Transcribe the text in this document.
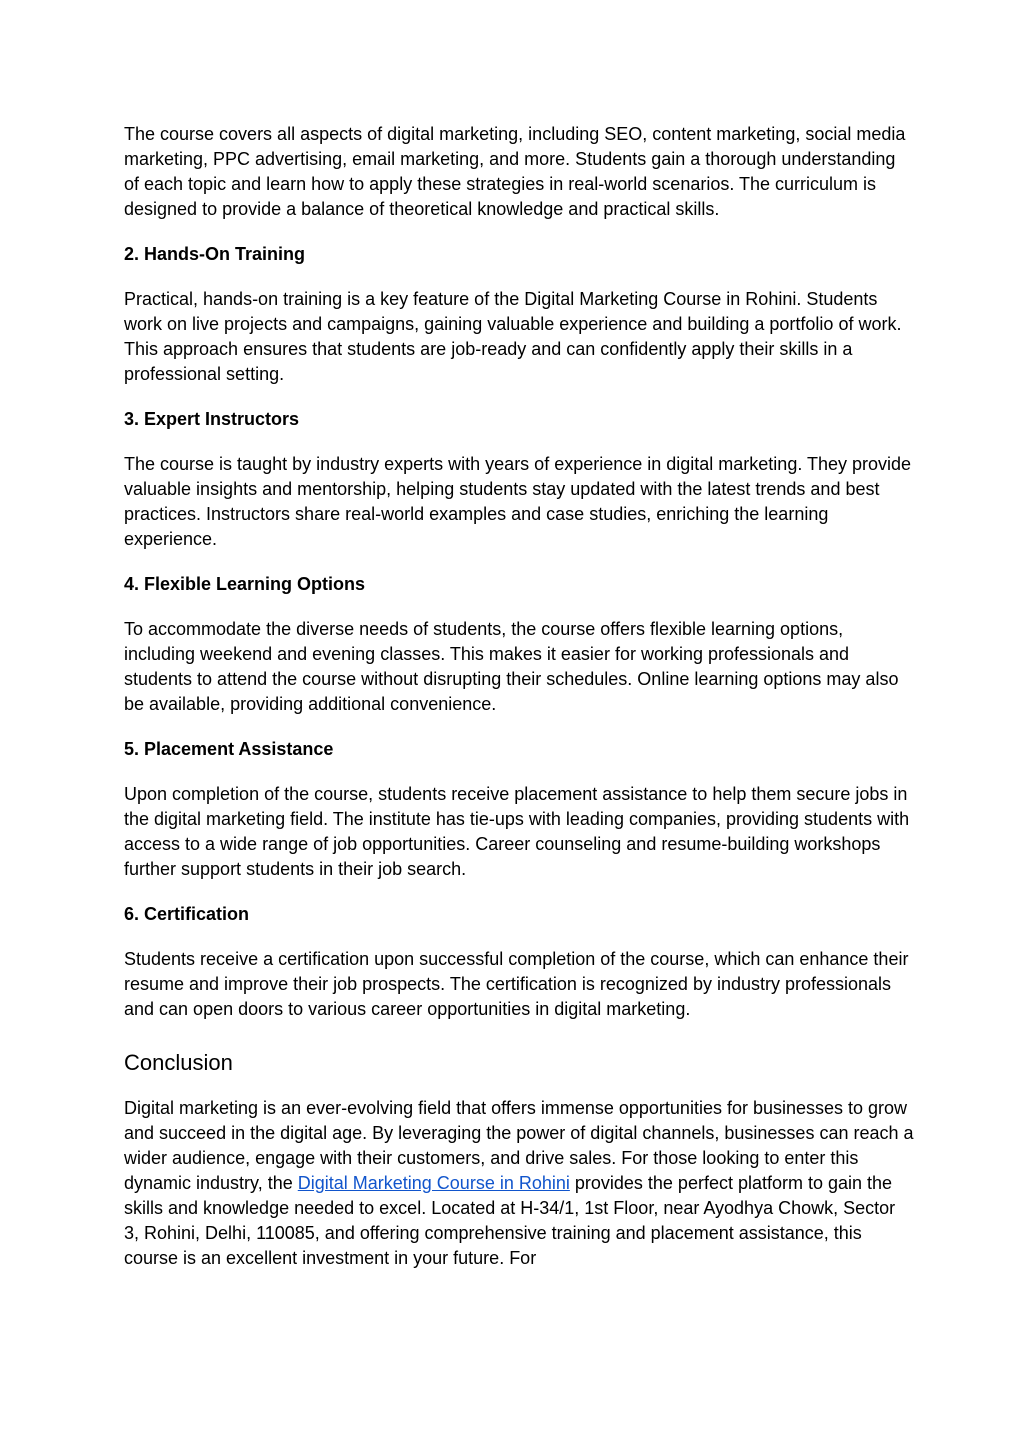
The course covers all aspects of digital marketing, including SEO, content marketing, social media marketing, PPC advertising, email marketing, and more. Students gain a thorough understanding of each topic and learn how to apply these strategies in real-world scenarios. The curriculum is designed to provide a balance of theoretical knowledge and practical skills.

2. Hands-On Training

Practical, hands-on training is a key feature of the Digital Marketing Course in Rohini. Students work on live projects and campaigns, gaining valuable experience and building a portfolio of work. This approach ensures that students are job-ready and can confidently apply their skills in a professional setting.

3. Expert Instructors

The course is taught by industry experts with years of experience in digital marketing. They provide valuable insights and mentorship, helping students stay updated with the latest trends and best practices. Instructors share real-world examples and case studies, enriching the learning experience.

4. Flexible Learning Options

To accommodate the diverse needs of students, the course offers flexible learning options, including weekend and evening classes. This makes it easier for working professionals and students to attend the course without disrupting their schedules. Online learning options may also be available, providing additional convenience.

5. Placement Assistance

Upon completion of the course, students receive placement assistance to help them secure jobs in the digital marketing field. The institute has tie-ups with leading companies, providing students with access to a wide range of job opportunities. Career counseling and resume-building workshops further support students in their job search.

6. Certification

Students receive a certification upon successful completion of the course, which can enhance their resume and improve their job prospects. The certification is recognized by industry professionals and can open doors to various career opportunities in digital marketing.

Conclusion

Digital marketing is an ever-evolving field that offers immense opportunities for businesses to grow and succeed in the digital age. By leveraging the power of digital channels, businesses can reach a wider audience, engage with their customers, and drive sales. For those looking to enter this dynamic industry, the Digital Marketing Course in Rohini provides the perfect platform to gain the skills and knowledge needed to excel. Located at H-34/1, 1st Floor, near Ayodhya Chowk, Sector 3, Rohini, Delhi, 110085, and offering comprehensive training and placement assistance, this course is an excellent investment in your future. For
